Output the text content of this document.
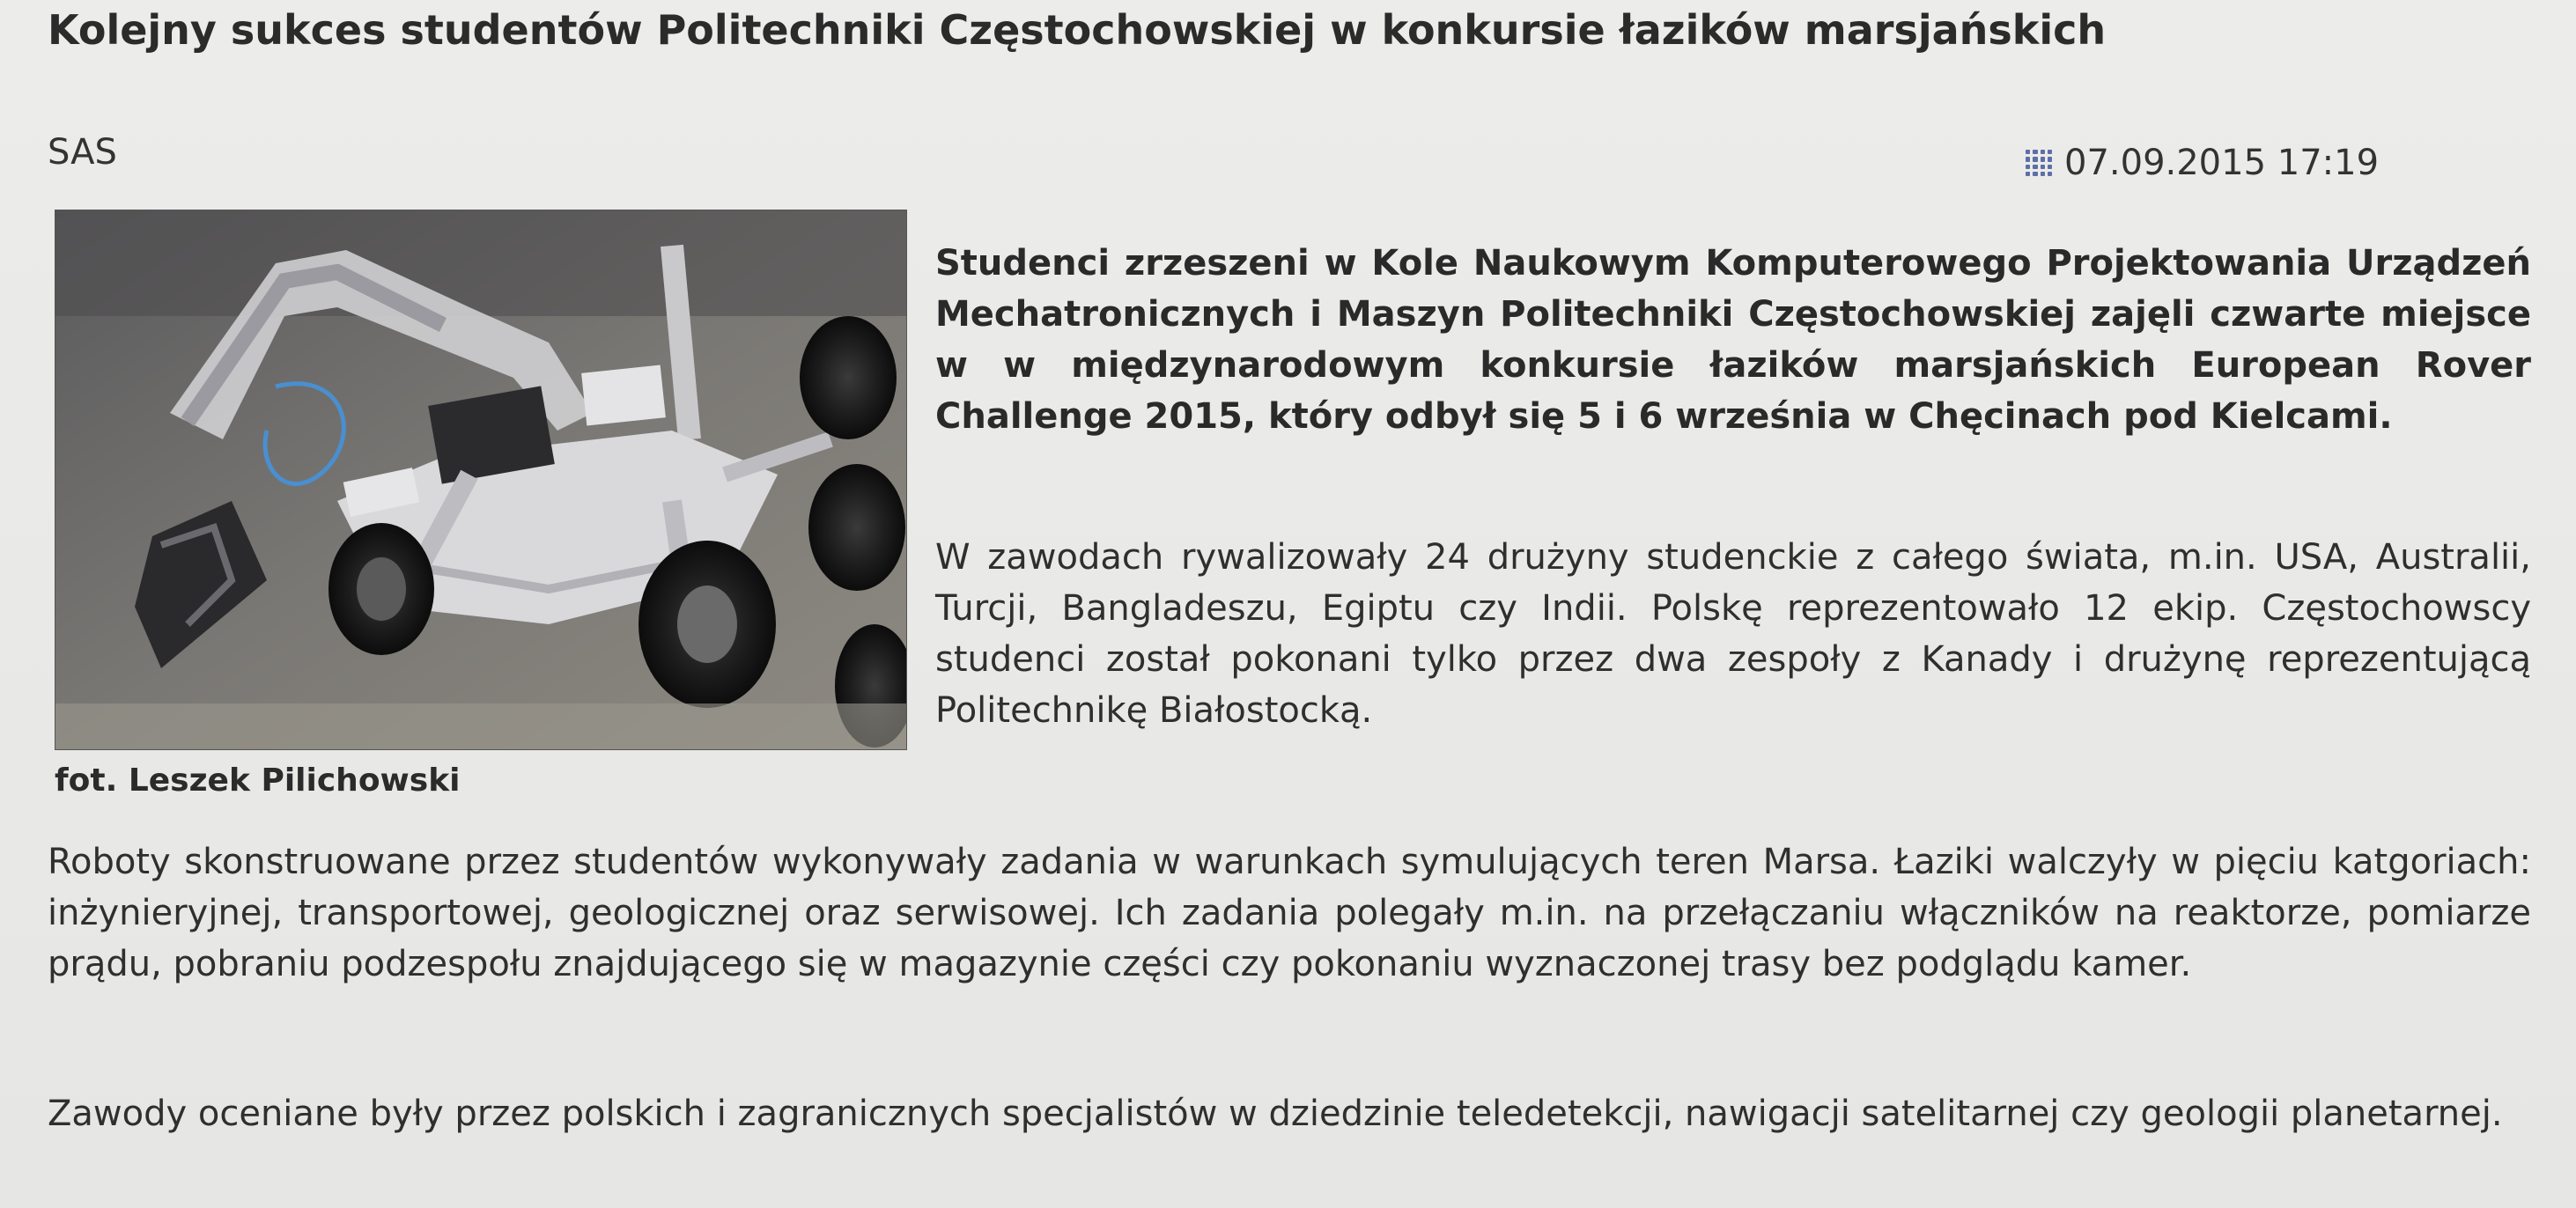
Kolejny sukces studentów Politechniki Częstochowskiej w konkursie łazików marsjańskich
SAS	07.09.2015 17:19
fot. Leszek Pilichowski

Studenci zrzeszeni w Kole Naukowym Komputerowego Projektowania Urządzeń Mechatronicznych i Maszyn Politechniki Częstochowskiej zajęli czwarte miejsce w w międzynarodowym konkursie łazików marsjańskich European Rover Challenge 2015, który odbył się 5 i 6 września w Chęcinach pod Kielcami.

W zawodach rywalizowały 24 drużyny studenckie z całego świata, m.in. USA, Australii, Turcji, Bangladeszu, Egiptu czy Indii. Polskę reprezentowało 12 ekip. Częstochowscy studenci został pokonani tylko przez dwa zespoły z Kanady i drużynę reprezentującą Politechnikę Białostocką.

Roboty skonstruowane przez studentów wykonywały zadania w warunkach symulujących teren Marsa. Łaziki walczyły w pięciu katgoriach: inżynieryjnej, transportowej, geologicznej oraz serwisowej. Ich zadania polegały m.in. na przełączaniu włączników na reaktorze, pomiarze prądu, pobraniu podzespołu znajdującego się w magazynie części czy pokonaniu wyznaczonej trasy bez podglądu kamer.

Zawody oceniane były przez polskich i zagranicznych specjalistów w dziedzinie teledetekcji, nawigacji satelitarnej czy geologii planetarnej.
